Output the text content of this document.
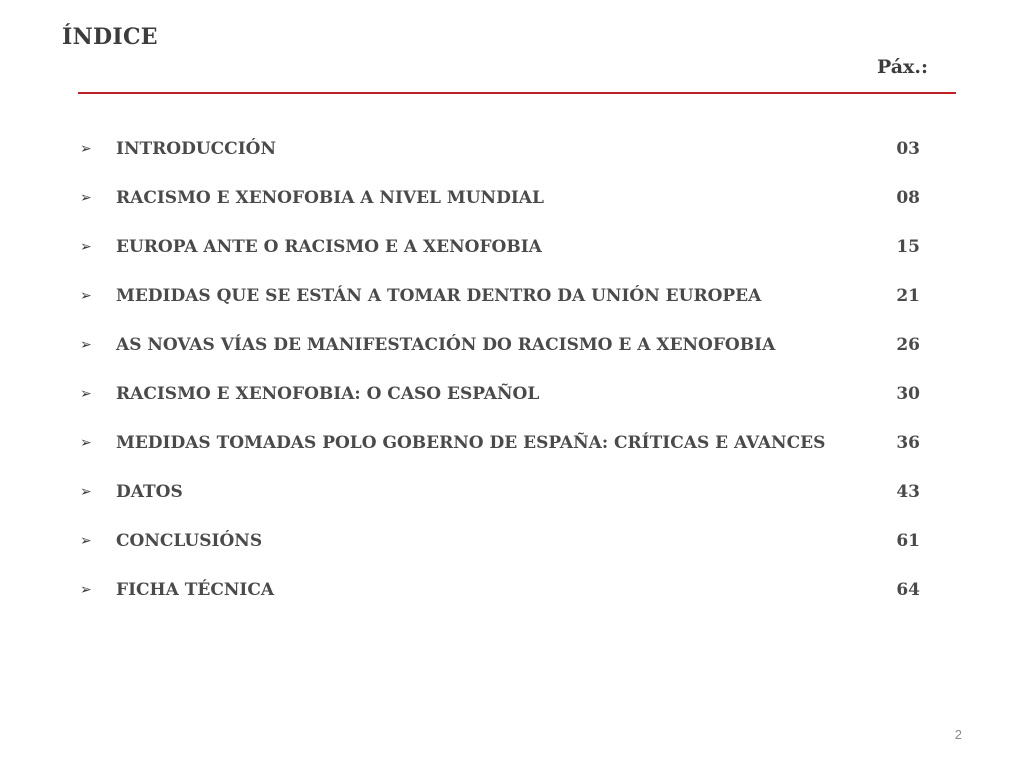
ÍNDICE
Páx.:
➢	INTRODUCCIÓN	03
➢	RACISMO E XENOFOBIA A NIVEL MUNDIAL	08
➢	EUROPA ANTE O RACISMO E A XENOFOBIA	15
➢	MEDIDAS QUE SE ESTÁN A TOMAR DENTRO DA UNIÓN EUROPEA	21
➢	AS NOVAS VÍAS DE MANIFESTACIÓN DO RACISMO E A XENOFOBIA	26
➢	RACISMO E XENOFOBIA: O CASO ESPAÑOL	30
➢	MEDIDAS TOMADAS POLO GOBERNO DE ESPAÑA: CRÍTICAS E AVANCES	36
➢	DATOS	43
➢	CONCLUSIÓNS	61
➢	FICHA TÉCNICA	64
2
